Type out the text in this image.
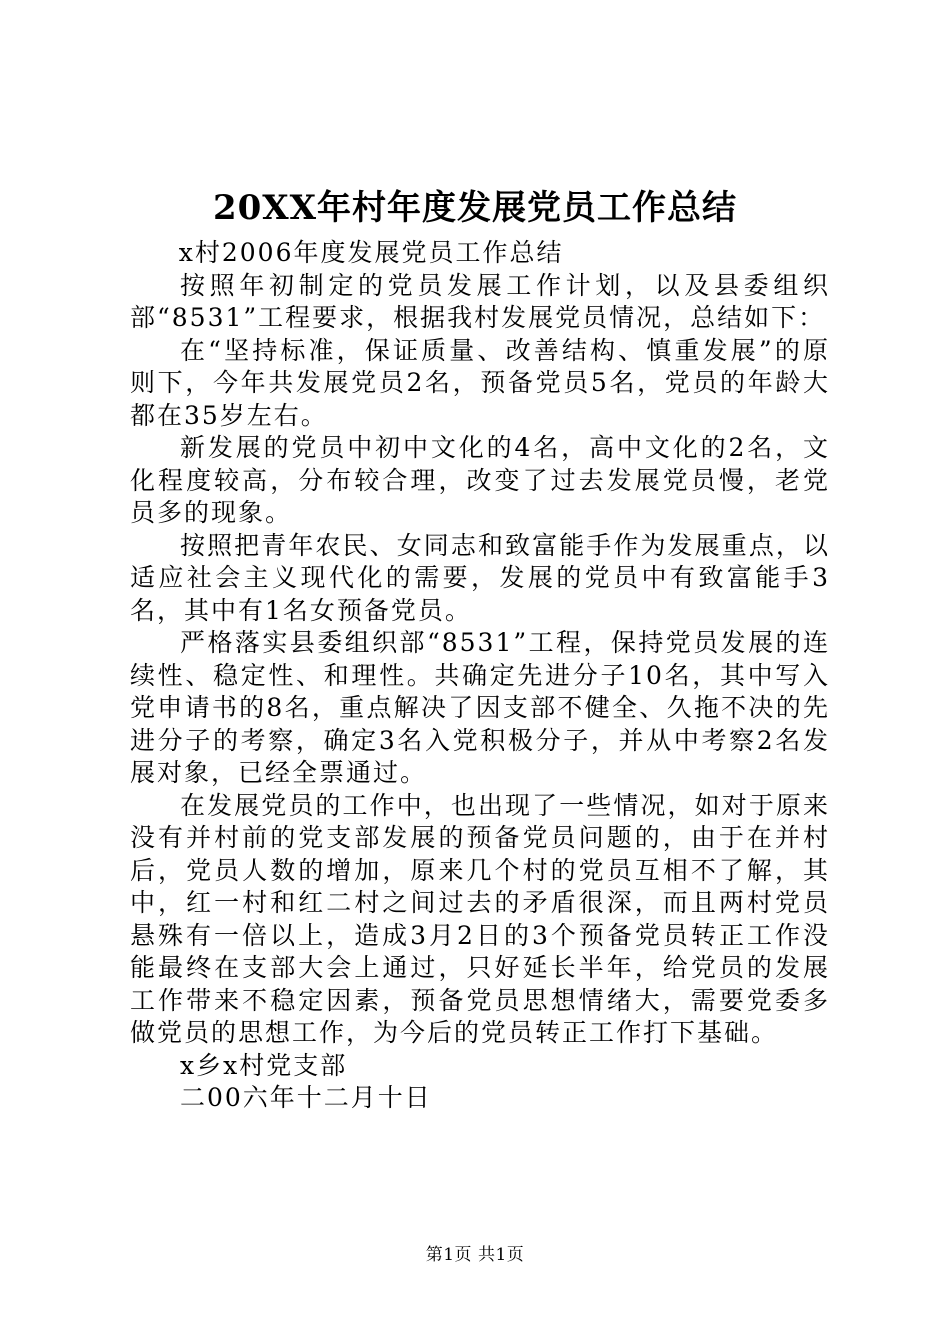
20XX年村年度发展党员工作总结

x村2006年度发展党员工作总结

按照年初制定的党员发展工作计划，以及县委组织部“8531”工程要求，根据我村发展党员情况，总结如下：

在“坚持标准，保证质量、改善结构、慎重发展”的原则下，今年共发展党员2名，预备党员5名，党员的年龄大都在35岁左右。

新发展的党员中初中文化的4名，高中文化的2名，文化程度较高，分布较合理，改变了过去发展党员慢，老党员多的现象。

按照把青年农民、女同志和致富能手作为发展重点，以适应社会主义现代化的需要，发展的党员中有致富能手3名，其中有1名女预备党员。

严格落实县委组织部“8531”工程，保持党员发展的连续性、稳定性、和理性。共确定先进分子10名，其中写入党申请书的8名，重点解决了因支部不健全、久拖不决的先进分子的考察，确定3名入党积极分子，并从中考察2名发展对象，已经全票通过。

在发展党员的工作中，也出现了一些情况，如对于原来没有并村前的党支部发展的预备党员问题的，由于在并村后，党员人数的增加，原来几个村的党员互相不了解，其中，红一村和红二村之间过去的矛盾很深，而且两村党员悬殊有一倍以上，造成3月2日的3个预备党员转正工作没能最终在支部大会上通过，只好延长半年，给党员的发展工作带来不稳定因素，预备党员思想情绪大，需要党委多做党员的思想工作，为今后的党员转正工作打下基础。

x乡x村党支部

二00六年十二月十日

第1页 共1页
